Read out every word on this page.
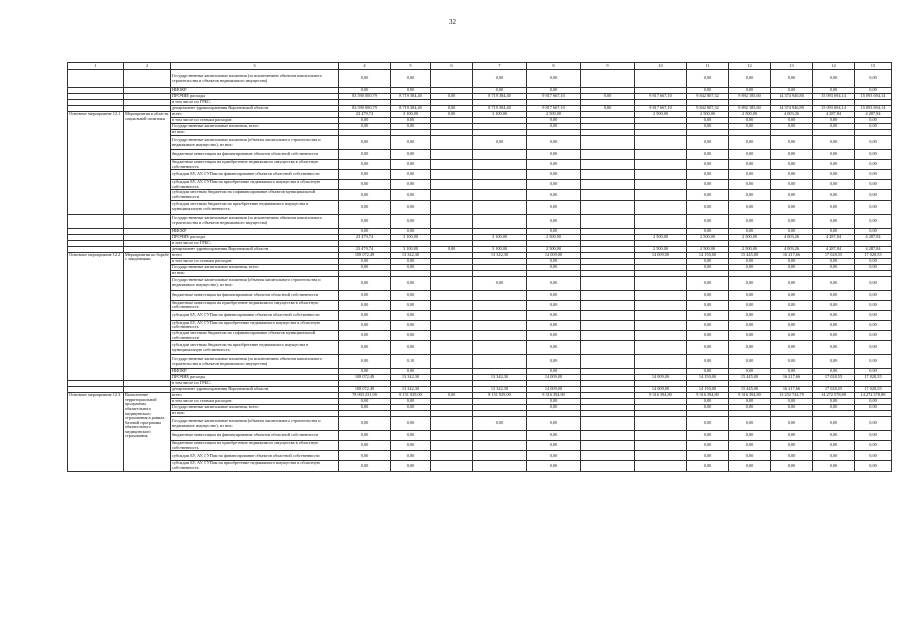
32
1	2	3	4	5	6	7	8	9	10	11	12	13	14	15
		Государственные капитальные вложения (за исключением объектов капитального строительства и объектов недвижимого имущества)	0,00	0,00		0,00	0,00			0,00	0,00	0,00	0,00	0,00
		НИОКР	0,00	0,00		0,00	0,00			0,00	0,00	0,00	0,00	0,00
		ПРОЧИЕ расходы	83 590 000,79	8 719 384,40	0,00	8 719 384,40	9 817 667,10	0,00	9 817 667,10	9 842 807,32	9 892 185,60	14 374 946,80	15 093 694,14	15 093 694,14
		в том числе по ГРБС:												
		департамент здравоохранения Воронежской области	83 590 000,79	8 719 384,40	0,00	8 719 384,40	9 817 667,10	0,00	9 817 667,10	9 842 807,32	9 892 185,60	14 374 946,80	15 093 694,14	15 093 694,14
Основное мероприятие 12.1	Мероприятия в области социальной политики	всего	23 479,74	3 100,00	0,00	3 100,00	2 500,00		2 500,00	2 500,00	2 500,00	4 003,26	4 287,84	4 287,84
		в том числе по статьям расходов:	0,00	0,00			0,00			0,00	0,00	0,00	0,00	0,00
		Государственные капитальные вложения, всего	0,00	0,00			0,00			0,00	0,00	0,00	0,00	0,00
		из них:												
		Государственные капитальные вложения (объекты капитального строительства и недвижимое имущество), из них:	0,00	0,00		0,00	0,00			0,00	0,00	0,00	0,00	0,00
		бюджетные инвестиции на финансирование объектов областной собственности	0,00	0,00			0,00			0,00	0,00	0,00	0,00	0,00
		бюджетные инвестиции на приобретение недвижимого имущества в областную собственность	0,00	0,00			0,00			0,00	0,00	0,00	0,00	0,00
		субсидии БУ, АУ, ГУПам на финансирование объектов областной собственности	0,00	0,00			0,00			0,00	0,00	0,00	0,00	0,00
		субсидии БУ, АУ, ГУПам на приобретение недвижимого имущества в областную собственность	0,00	0,00			0,00			0,00	0,00	0,00	0,00	0,00
		субсидии местным бюджетам на софинансирование объектов муниципальной собственности	0,00	0,00			0,00			0,00	0,00	0,00	0,00	0,00
		субсидии местным бюджетам на приобретение недвижимого имущества в муниципальную собственность	0,00	0,00			0,00			0,00	0,00	0,00	0,00	0,00
		Государственные капитальные вложения (за исключением объектов капитального строительства и объектов недвижимого имущества)	0,00	0,00			0,00			0,00	0,00	0,00	0,00	0,00
		НИОКР	0,00	0,00			0,00			0,00	0,00	0,00	0,00	0,00
		ПРОЧИЕ расходы	23 479,74	3 100,00		3 100,00	2 500,00		2 500,00	2 500,00	2 500,00	4 003,26	4 287,84	4 287,84
		в том числе по ГРБС:												
		департамент здравоохранения Воронежской области	23 479,74	3 100,00	0,00	3 100,00	2 500,00		2 500,00	2 500,00	2 500,00	4 003,26	4 287,84	4 287,84
Основное мероприятие 12.2	Мероприятия по борьбе с эпидемиями	всего	108 072,49	13 342,30		13 342,30	14 009,00		14 009,00	14 150,00	15 445,00	16 217,66	17 028,55	17 028,55
		в том числе по статьям расходов:	0,00	0,00			0,00			0,00	0,00	0,00	0,00	0,00
		Государственные капитальные вложения, всего	0,00	0,00			0,00			0,00	0,00	0,00	0,00	0,00
		из них:												
		Государственные капитальные вложения (объекты капитального строительства и недвижимое имущество), из них:	0,00	0,00		0,00	0,00			0,00	0,00	0,00	0,00	0,00
		бюджетные инвестиции на финансирование объектов областной собственности	0,00	0,00			0,00			0,00	0,00	0,00	0,00	0,00
		бюджетные инвестиции на приобретение недвижимого имущества в областную собственность	0,00	0,00			0,00			0,00	0,00	0,00	0,00	0,00
		субсидии БУ, АУ, ГУПам на финансирование объектов областной собственности	0,00	0,00			0,00			0,00	0,00	0,00	0,00	0,00
		субсидии БУ, АУ, ГУПам на приобретение недвижимого имущества в областную собственность	0,00	0,00			0,00			0,00	0,00	0,00	0,00	0,00
		субсидии местным бюджетам на софинансирование объектов муниципальной собственности	0,00	0,00			0,00			0,00	0,00	0,00	0,00	0,00
		субсидии местным бюджетам на приобретение недвижимого имущества в муниципальную собственность	0,00	0,00			0,00			0,00	0,00	0,00	0,00	0,00
		Государственные капитальные вложения (за исключением объектов капитального строительства и объектов недвижимого имущества)	0,00	0,10			0,00			0,00	0,00	0,00	0,00	0,00
		НИОКР	0,00	0,00			0,00			0,00	0,00	0,00	0,00	0,00
		ПРОЧИЕ расходы	108 072,49	13 342,30		13 342,30	14 009,00		14 009,00	14 150,00	15 445,00	16 217,66	17 028,55	17 028,55
		в том числе по ГРБС:												
		департамент здравоохранения Воронежской области	108 072,49	13 342,30		13 342,30	14 009,00		14 009,00	14 150,00	15 445,00	16 217,66	17 028,55	17 028,55
Основное мероприятие 12.3	Выполнение территориальной программы обязательного медицинского страхования в рамках базовой программы обязательного медицинского страхования	всего	78 003 231,90	8 151 929,00	0,00	8 151 929,00	9 316 394,80		9 316 394,80	9 316 394,80	9 316 394,80	13 252 744,79	14 272 578,88	14 272 578,88
		в том числе по статьям расходов:	0,00	0,00			0,00			0,00	0,00	0,00	0,00	0,00
		Государственные капитальные вложения, всего	0,00	0,00			0,00			0,00	0,00	0,00	0,00	0,00
		из них:												
		Государственные капитальные вложения (объекты капитального строительства и недвижимое имущество), из них:	0,00	0,00		0,00	0,00			0,00	0,00	0,00	0,00	0,00
		бюджетные инвестиции на финансирование объектов областной собственности	0,00	0,00			0,00			0,00	0,00	0,00	0,00	0,00
		бюджетные инвестиции на приобретение недвижимого имущества в областную собственность	0,00	0,00			0,00			0,00	0,00	0,00	0,00	0,00
		субсидии БУ, АУ, ГУПам на финансирование объектов областной собственности	0,00	0,00			0,00			0,00	0,00	0,00	0,00	0,00
		субсидии БУ, АУ, ГУПам на приобретение недвижимого имущества в областную собственность	0,00	0,00			0,00			0,00	0,00	0,00	0,00	0,00
